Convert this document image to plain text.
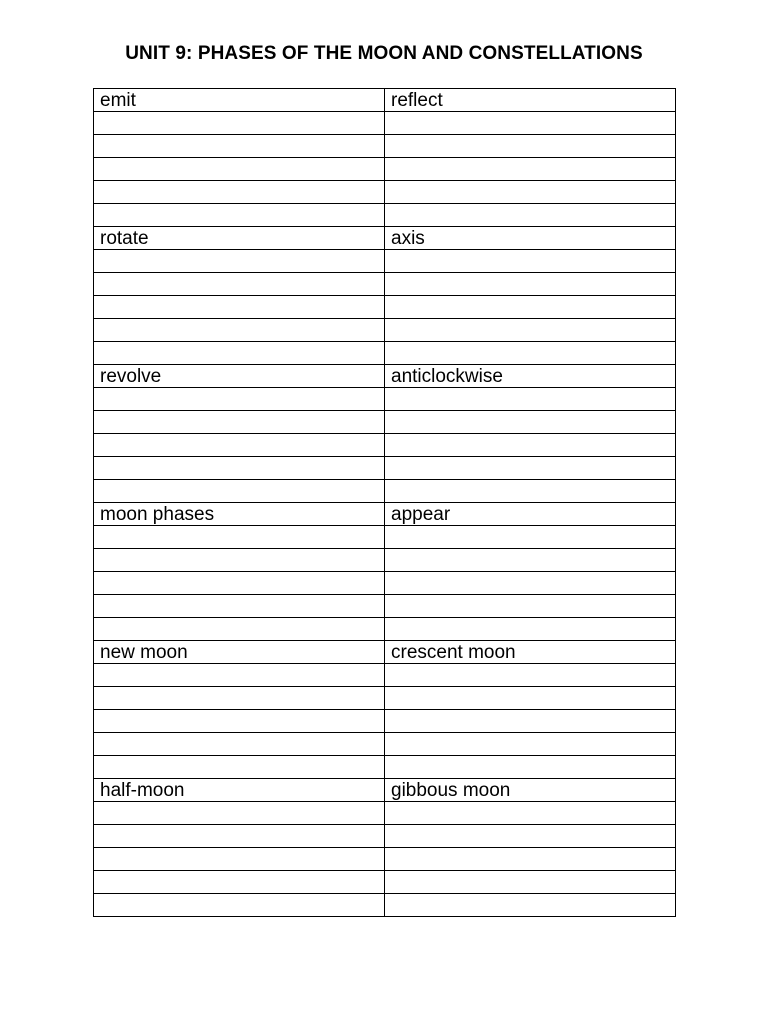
UNIT 9: PHASES OF THE MOON AND CONSTELLATIONS
emit	reflect

rotate	axis

revolve	anticlockwise

moon phases	appear

new moon	crescent moon

half-moon	gibbous moon
